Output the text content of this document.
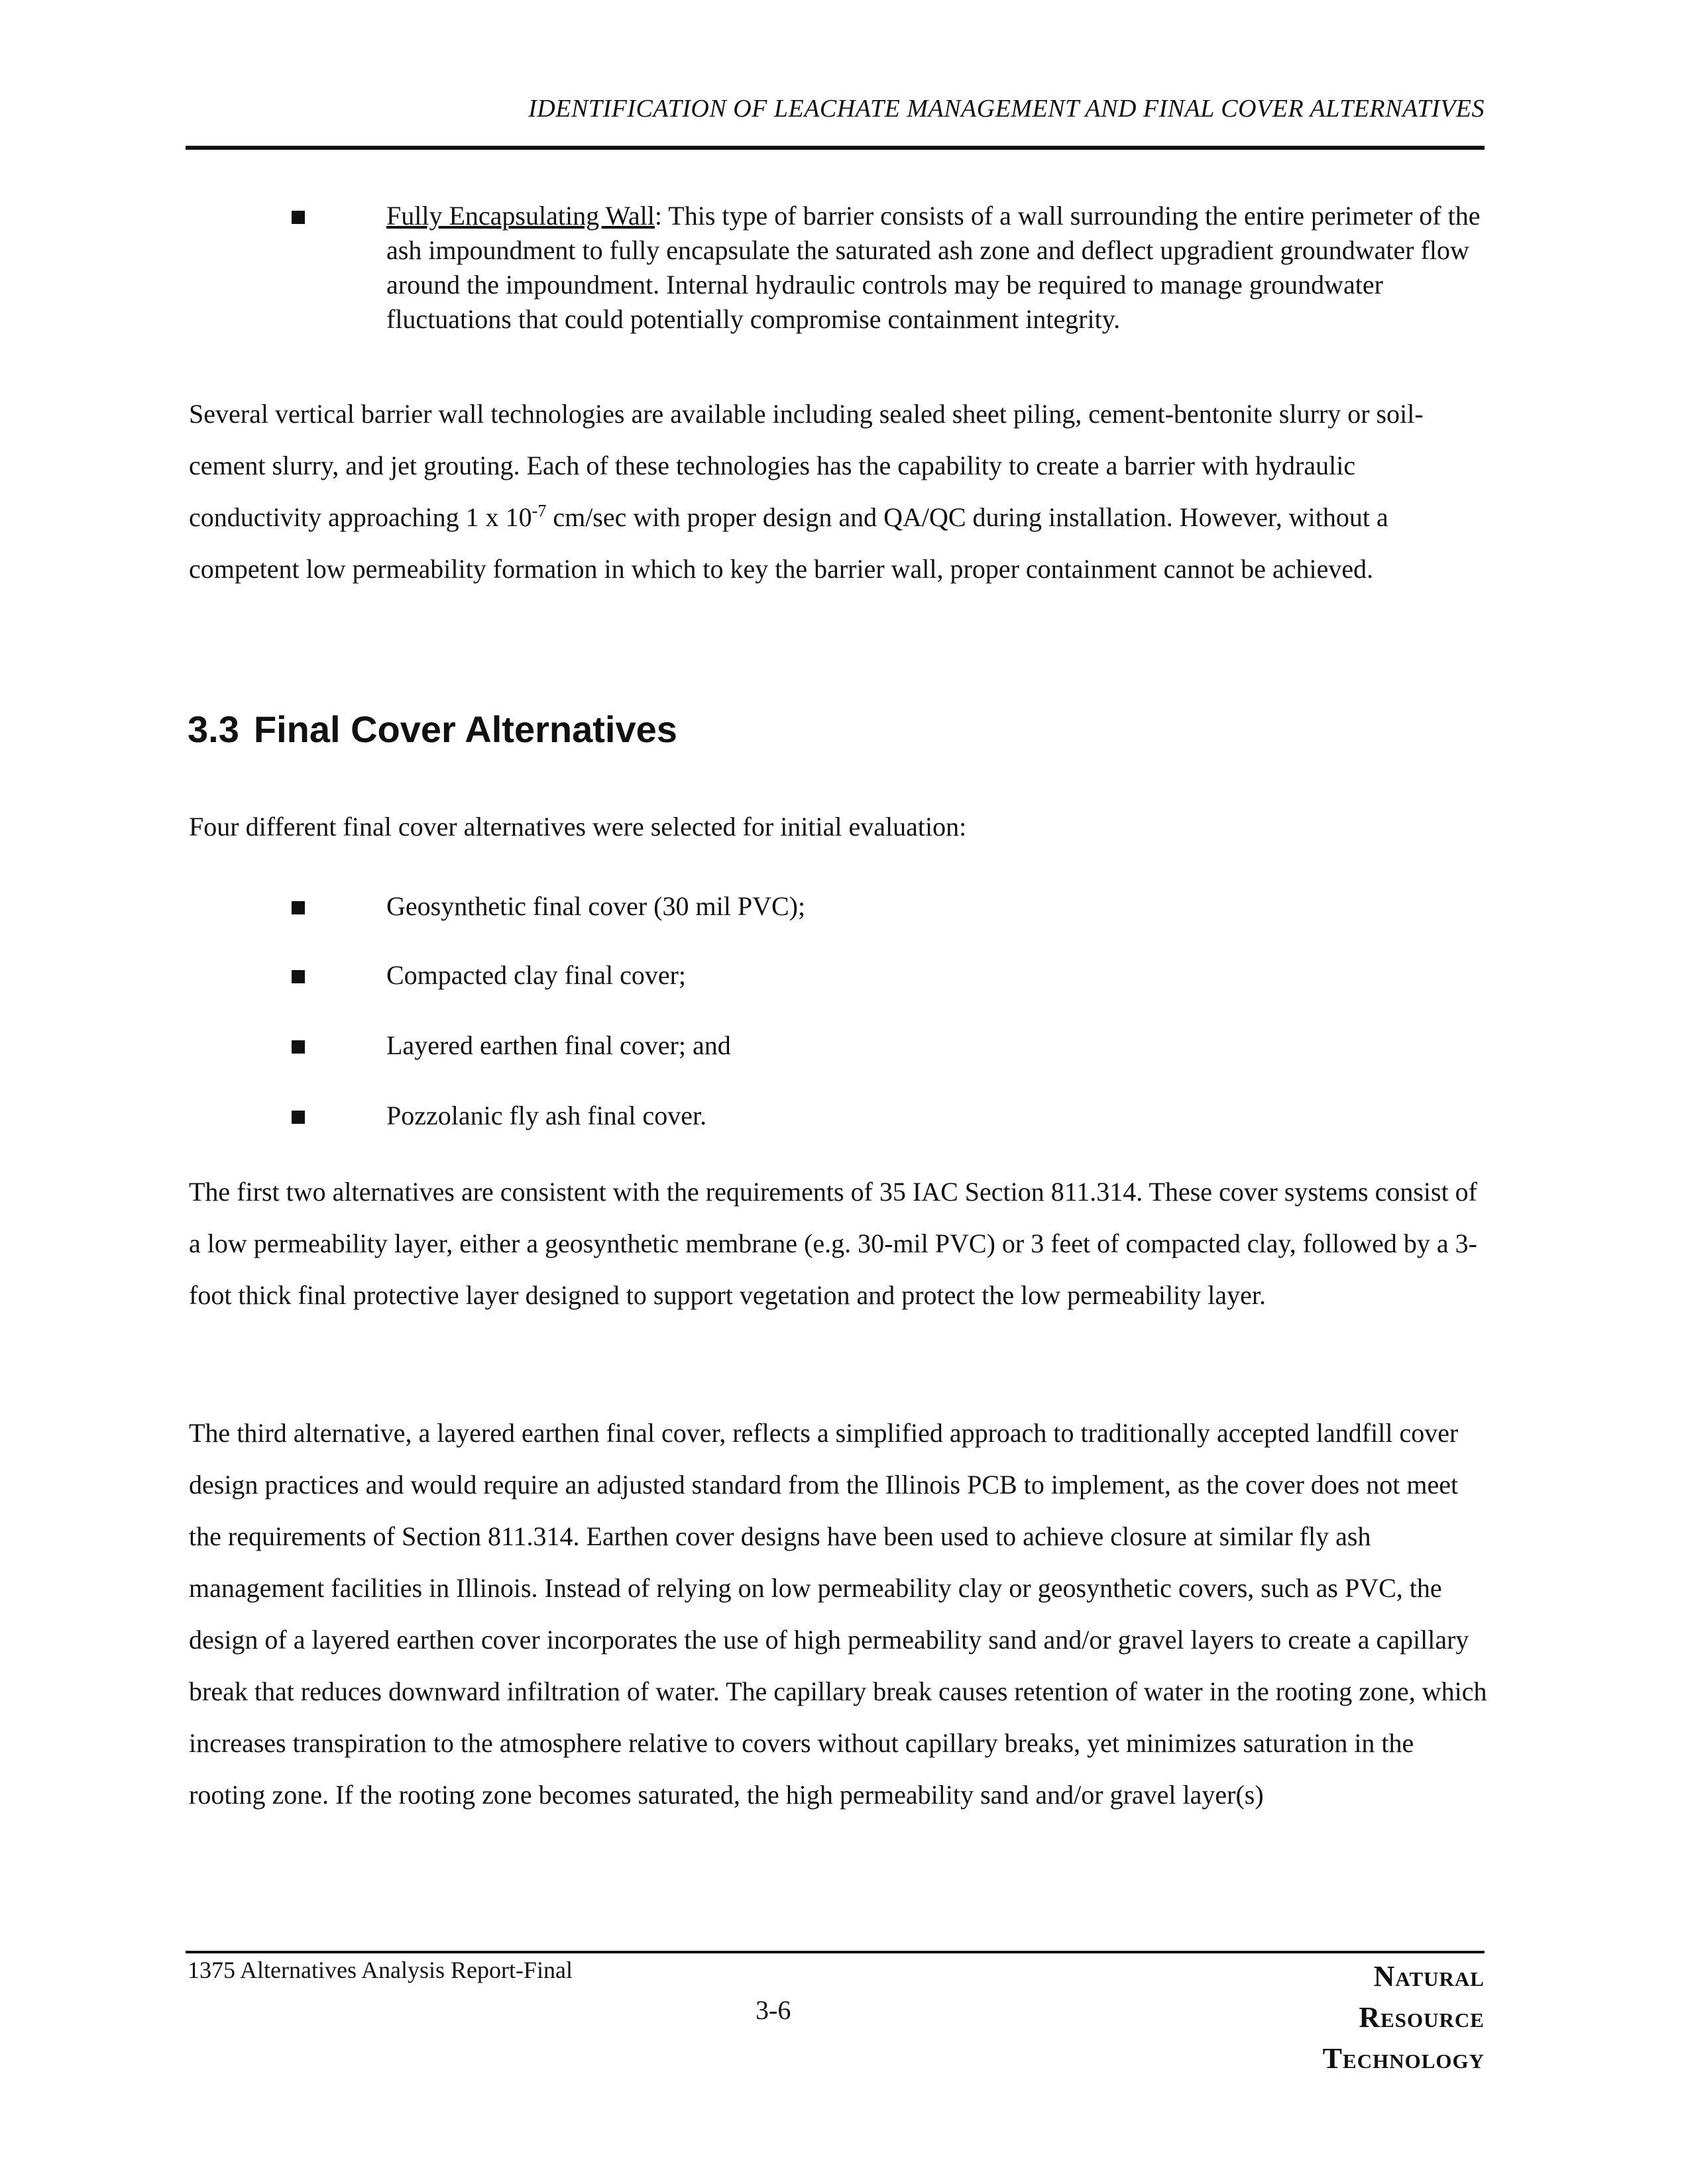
IDENTIFICATION OF LEACHATE MANAGEMENT AND FINAL COVER ALTERNATIVES
Fully Encapsulating Wall: This type of barrier consists of a wall surrounding the entire perimeter of the ash impoundment to fully encapsulate the saturated ash zone and deflect upgradient groundwater flow around the impoundment. Internal hydraulic controls may be required to manage groundwater fluctuations that could potentially compromise containment integrity.

Several vertical barrier wall technologies are available including sealed sheet piling, cement-bentonite slurry or soil-cement slurry, and jet grouting. Each of these technologies has the capability to create a barrier with hydraulic conductivity approaching 1 x $10^{-7}$ cm/sec with proper design and QA/QC during installation. However, without a competent low permeability formation in which to key the barrier wall, proper containment cannot be achieved.

3.3 Final Cover Alternatives

Four different final cover alternatives were selected for initial evaluation:

Geosynthetic final cover (30 mil PVC);
Compacted clay final cover;
Layered earthen final cover; and
Pozzolanic fly ash final cover.

The first two alternatives are consistent with the requirements of 35 IAC Section 811.314. These cover systems consist of a low permeability layer, either a geosynthetic membrane (e.g. 30-mil PVC) or 3 feet of compacted clay, followed by a 3-foot thick final protective layer designed to support vegetation and protect the low permeability layer.

The third alternative, a layered earthen final cover, reflects a simplified approach to traditionally accepted landfill cover design practices and would require an adjusted standard from the Illinois PCB to implement, as the cover does not meet the requirements of Section 811.314. Earthen cover designs have been used to achieve closure at similar fly ash management facilities in Illinois. Instead of relying on low permeability clay or geosynthetic covers, such as PVC, the design of a layered earthen cover incorporates the use of high permeability sand and/or gravel layers to create a capillary break that reduces downward infiltration of water. The capillary break causes retention of water in the rooting zone, which increases transpiration to the atmosphere relative to covers without capillary breaks, yet minimizes saturation in the rooting zone. If the rooting zone becomes saturated, the high permeability sand and/or gravel layer(s)

1375 Alternatives Analysis Report-Final
3-6
Natural
Resource
Technology
